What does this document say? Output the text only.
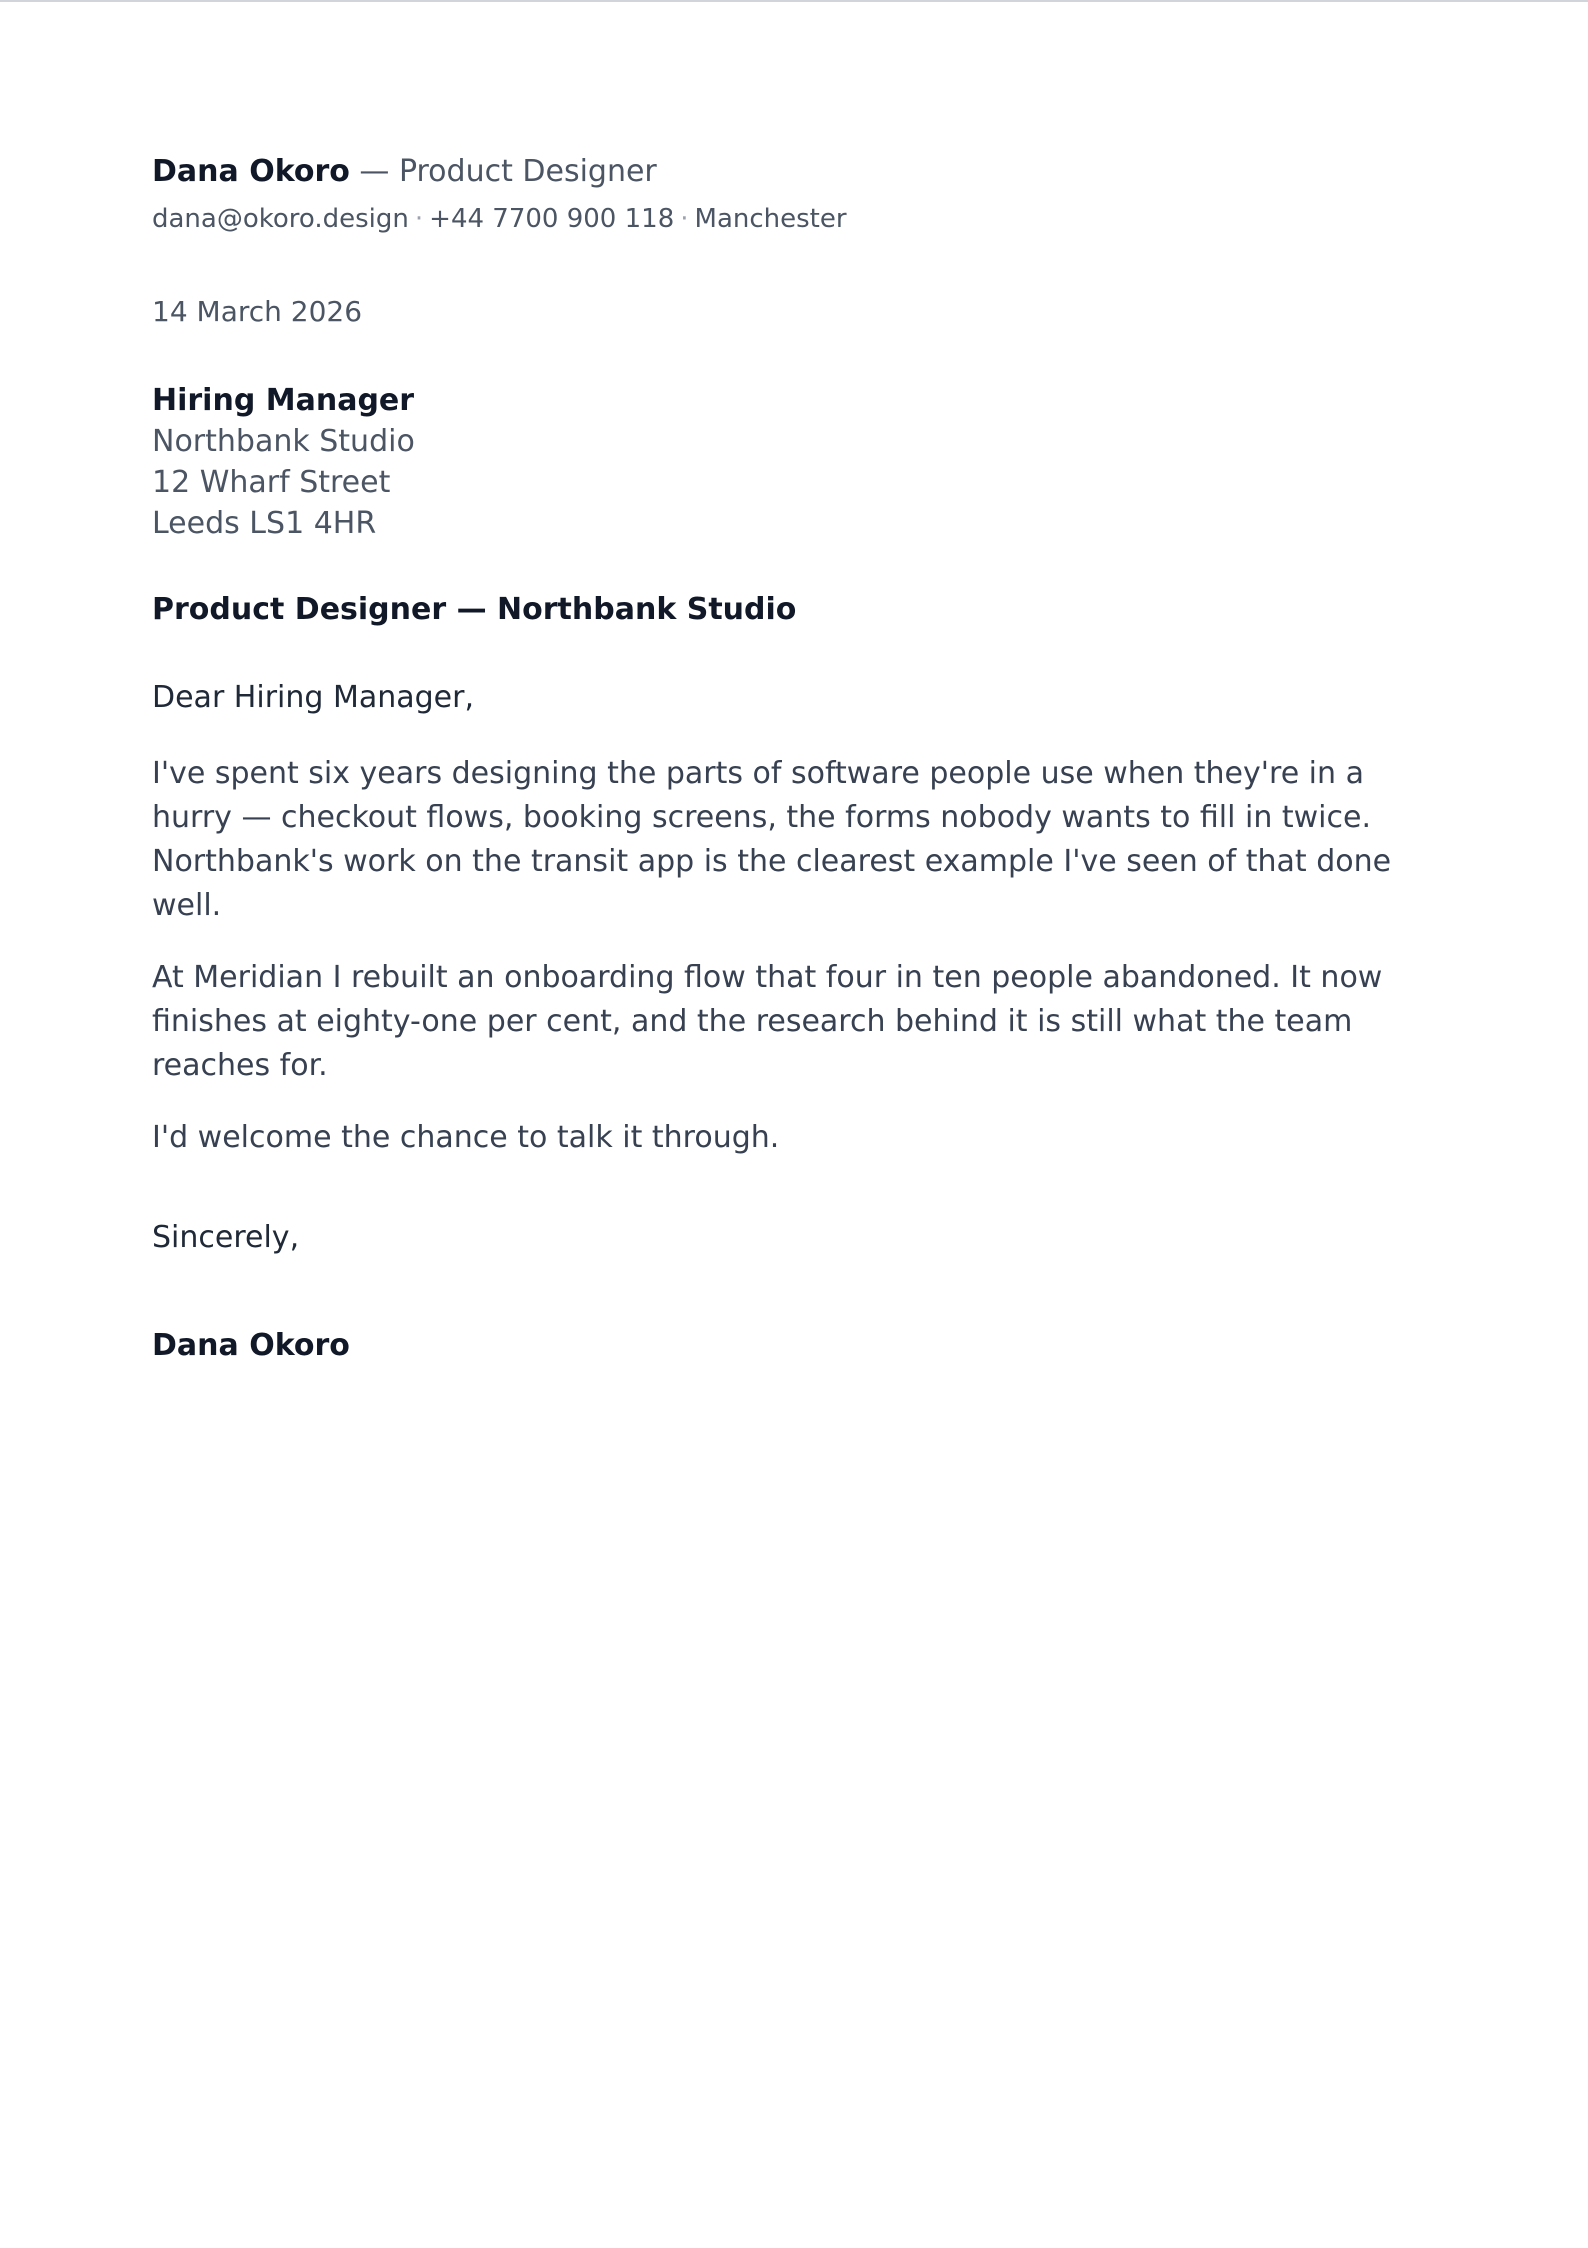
Dana Okoro — Product Designer
dana@okoro.design · +44 7700 900 118 · Manchester
14 March 2026
Hiring Manager
Northbank Studio
12 Wharf Street
Leeds LS1 4HR
Product Designer — Northbank Studio
Dear Hiring Manager,

I've spent six years designing the parts of software people use when they're in a hurry — checkout flows, booking screens, the forms nobody wants to fill in twice. Northbank's work on the transit app is the clearest example I've seen of that done well.

At Meridian I rebuilt an onboarding flow that four in ten people abandoned. It now finishes at eighty-one per cent, and the research behind it is still what the team reaches for.

I'd welcome the chance to talk it through.

Sincerely,
Dana Okoro
